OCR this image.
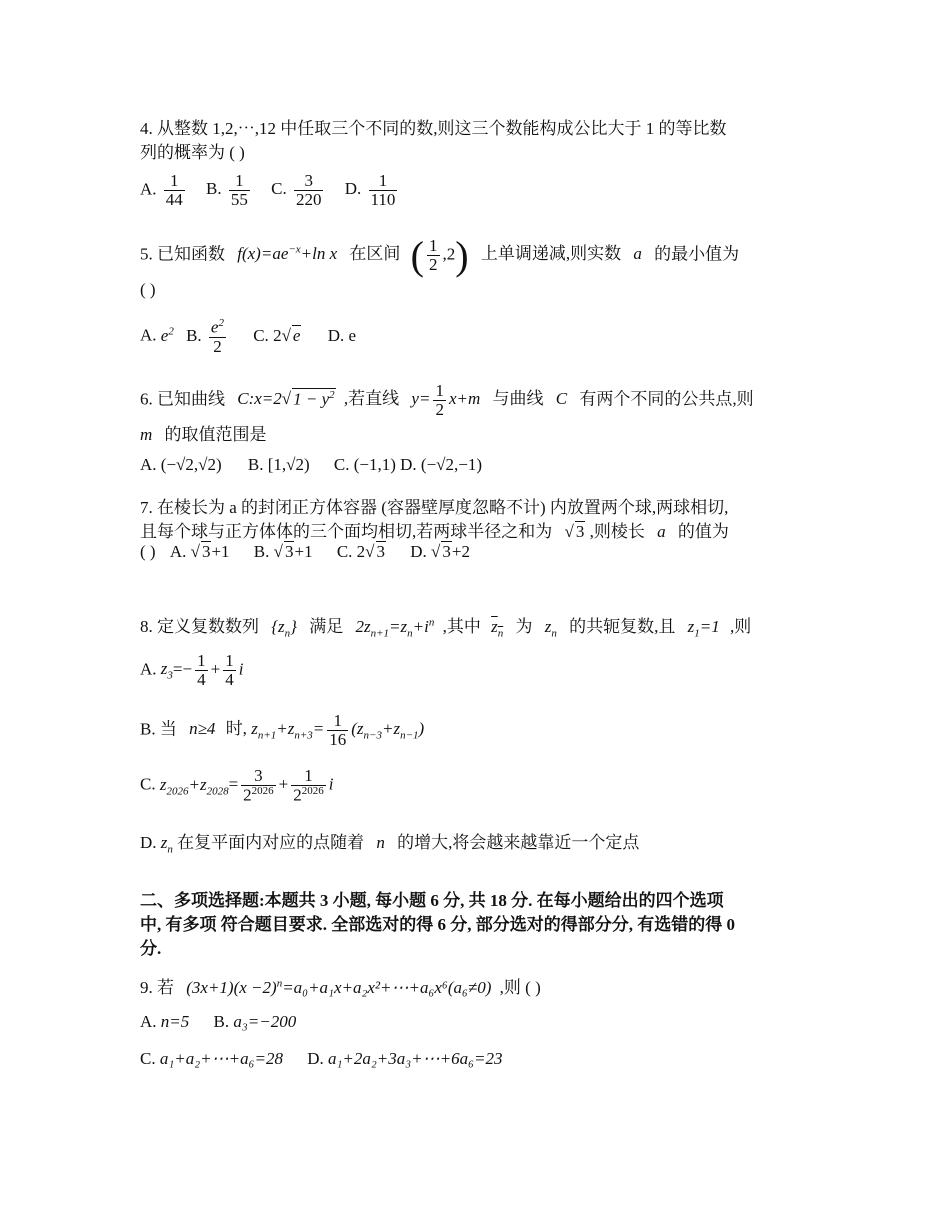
4. 从整数 1,2,⋯,12 中任取三个不同的数,则这三个数能构成公比大于 1 的等比数
列的概率为 ( )
A. $\frac{1}{44} B$. $\frac{1}{55} C$. $\frac{3}{220} D$. $\frac{1}{110}$
5. 已知函数 $f(x)=ae^{-x}+\ln$ x 在区间 ( $\frac{1}{2} ,2$) 上单调递减,则实数 a 的最小值为
( )
A. $e^2$ B. $\frac{e^2}{2} C$. 2√ e D. e
6. 已知曲线 C:x=2√ $1 - y^2$ ,若直线 $y= \frac{1}{2} x+m$ 与曲线 C 有两个不同的公共点,则
m 的取值范围是
A. (−√2,√2) B. [1,√2) C. (−1,1) D. (−√2,−1)
7. 在棱长为 a 的封闭正方体容器 (容器壁厚度忽略不计) 内放置两个球,两球相切,
且每个球与正方体体的三个面均相切,若两球半径之和为 √ 3 ,则棱长 a 的值为
( ) A. √ 3+1 B. √ 3+1 C. 2√ 3 D. √ 3+2
8. 定义复数数列 $\{z_n\}$ 满足 $2z_{n+1}=z_n+i^n$ ,其中 $z_n$ 为 $z_n$ 的共轭复数,且 $z_1=1$ ,则
A. $z_3=- \frac{1}{4} + \frac{1}{4}$ i
B. 当 n≥4 时, $z_{n+1}+z_{n+3}= \frac{1}{16} (z_{n-3}+z_{n-1})$
C. $z_{2026}+z_{2028}= \frac{3}{2^{2026}} + \frac{1}{2^{2026}}$ i
D. $z_n$ 在复平面内对应的点随着 n 的增大,将会越来越靠近一个定点
二、多项选择题:本题共 3 小题, 每小题 6 分, 共 18 分. 在每小题给出的四个选项
中, 有多项 符合题目要求. 全部选对的得 6 分, 部分选对的得部分分, 有选错的得 0
分.
9. 若 $(3x+1)(x -2)^n=a_0+a_1x+a_2x^2+\cdots+a_6x^6(a_6\ne 0)$ ,则 ( )
A. n=5 B. a₃=−200
C. a₁+a₂+⋯+a₆=28 D. a₁+2a₂+3a₃+⋯+6a₆=23
